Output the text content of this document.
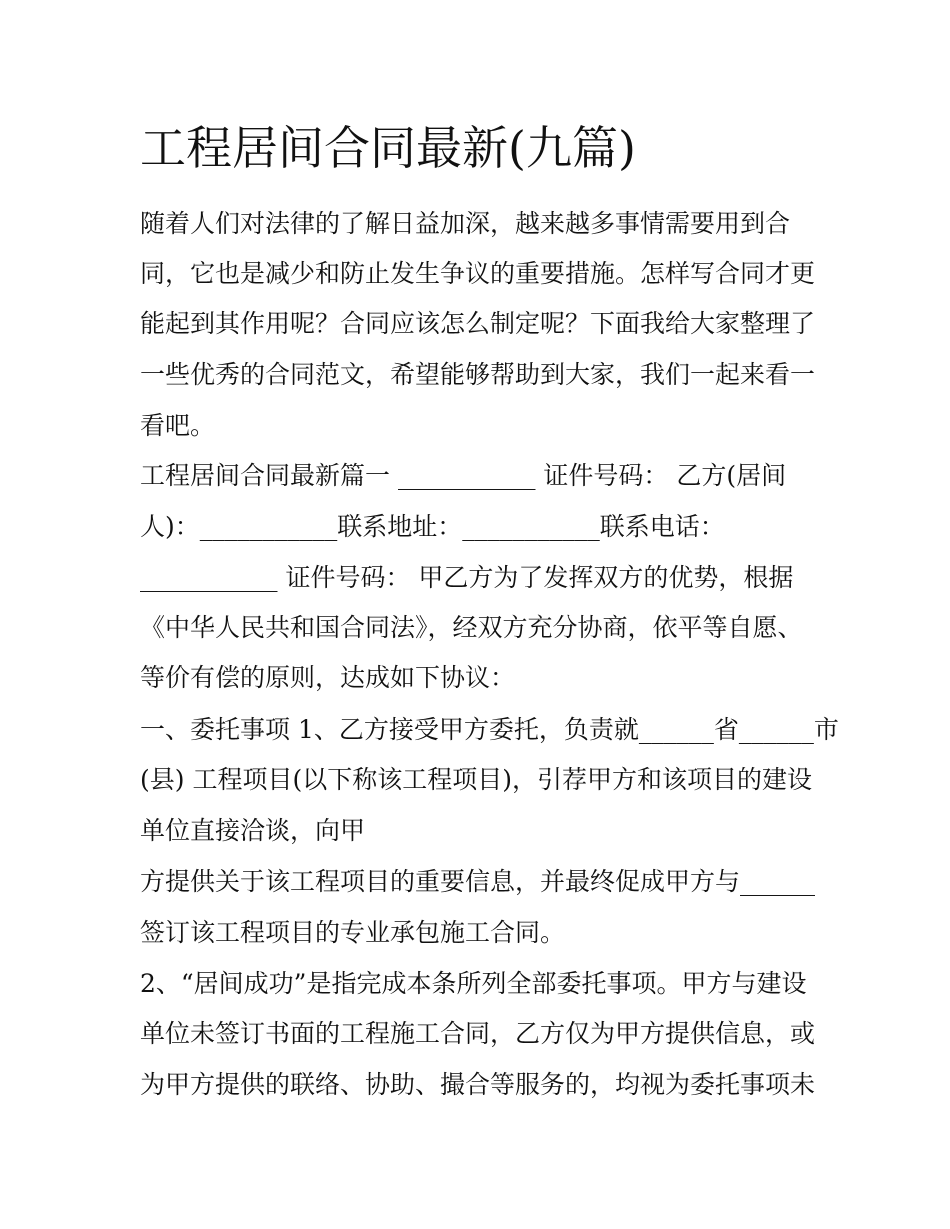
工程居间合同最新(九篇)

随着人们对法律的了解日益加深，越来越多事情需要用到合

同，它也是减少和防止发生争议的重要措施。怎样写合同才更

能起到其作用呢？合同应该怎么制定呢？下面我给大家整理了

一些优秀的合同范文，希望能够帮助到大家，我们一起来看一

看吧。

工程居间合同最新篇一 ___________ 证件号码： 乙方(居间

人)：___________联系地址：___________联系电话：

___________ 证件号码： 甲乙方为了发挥双方的优势，根据

《中华人民共和国合同法》，经双方充分协商，依平等自愿、

等价有偿的原则，达成如下协议：

一、委托事项 1、乙方接受甲方委托，负责就______省______市

(县) 工程项目(以下称该工程项目)，引荐甲方和该项目的建设

单位直接洽谈，向甲

方提供关于该工程项目的重要信息，并最终促成甲方与______

签订该工程项目的专业承包施工合同。

2、“居间成功”是指完成本条所列全部委托事项。甲方与建设

单位未签订书面的工程施工合同，乙方仅为甲方提供信息，或

为甲方提供的联络、协助、撮合等服务的，均视为委托事项未
